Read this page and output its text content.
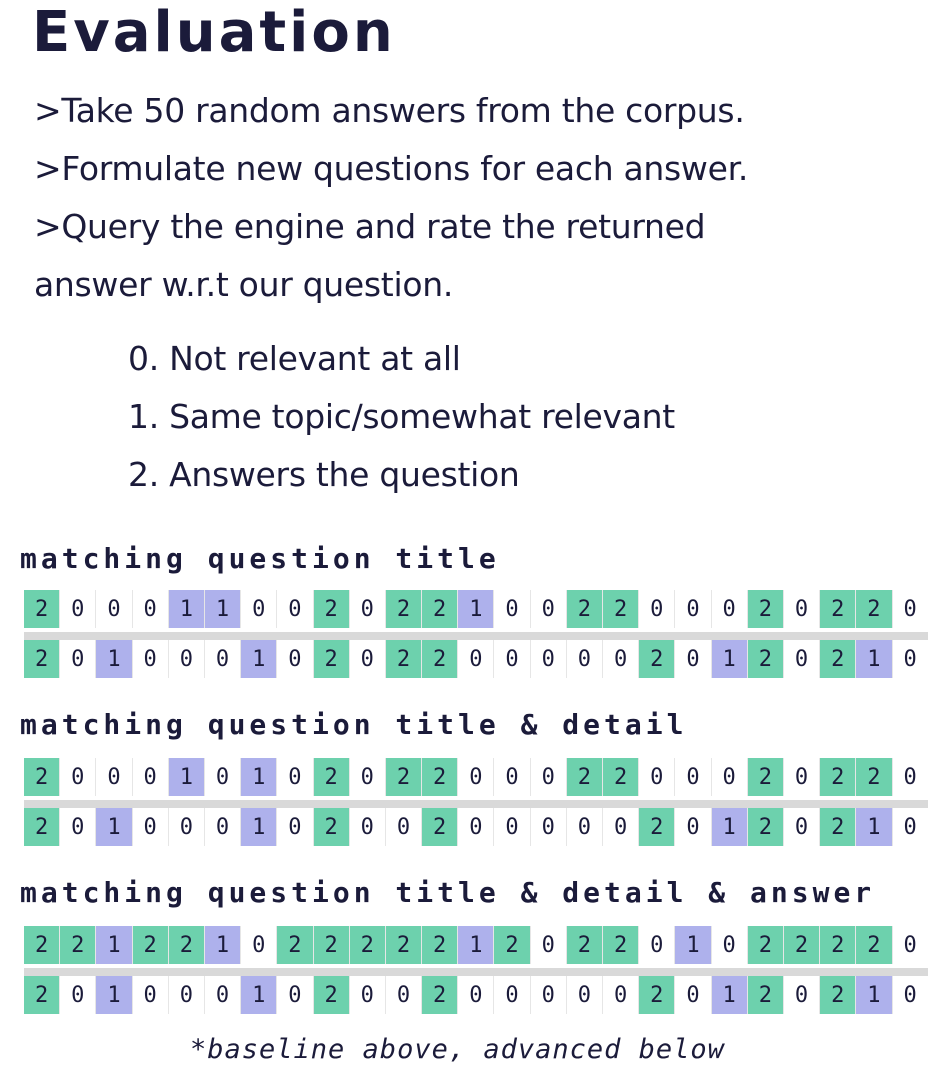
Evaluation
>Take 50 random answers from the corpus.
>Formulate new questions for each answer.
>Query the engine and rate the returned
answer w.r.t our question.
0. Not relevant at all
1. Same topic/somewhat relevant
2. Answers the question
matching question title
2	0	0	0	1	1	0	0	2	0	2	2	1	0	0	2	2	0	0	0	2	0	2	2	0
2	0	1	0	0	0	1	0	2	0	2	2	0	0	0	0	0	2	0	1	2	0	2	1	0
matching question title & detail
2	0	0	0	1	0	1	0	2	0	2	2	0	0	0	2	2	0	0	0	2	0	2	2	0
2	0	1	0	0	0	1	0	2	0	0	2	0	0	0	0	0	2	0	1	2	0	2	1	0
matching question title & detail & answer
2	2	1	2	2	1	0	2	2	2	2	2	1	2	0	2	2	0	1	0	2	2	2	2	0
2	0	1	0	0	0	1	0	2	0	0	2	0	0	0	0	0	2	0	1	2	0	2	1	0
*baseline above, advanced below
